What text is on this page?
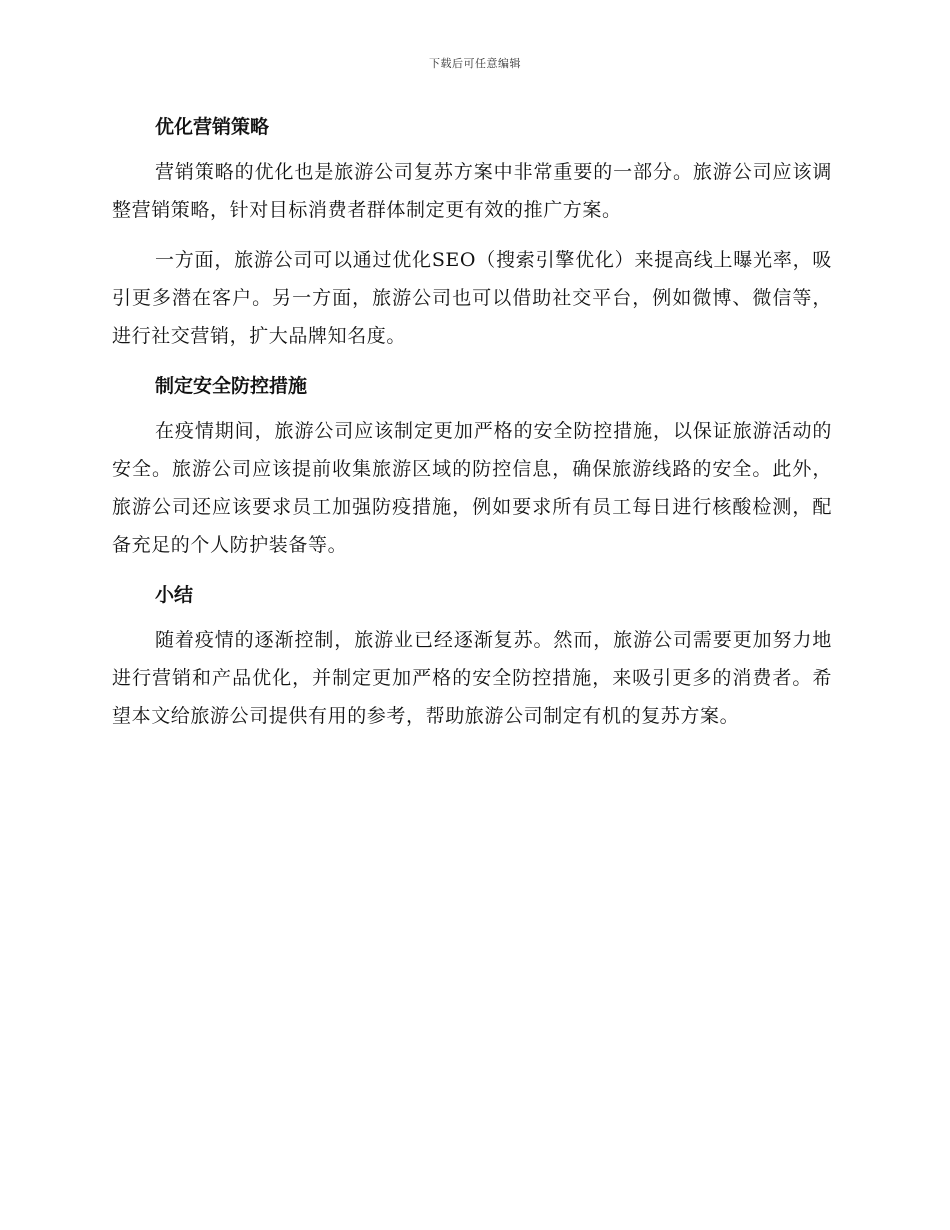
下载后可任意编辑
优化营销策略

营销策略的优化也是旅游公司复苏方案中非常重要的一部分。旅游公司应该调整营销策略，针对目标消费者群体制定更有效的推广方案。

一方面，旅游公司可以通过优化SEO（搜索引擎优化）来提高线上曝光率，吸引更多潜在客户。另一方面，旅游公司也可以借助社交平台，例如微博、微信等，进行社交营销，扩大品牌知名度。

制定安全防控措施

在疫情期间，旅游公司应该制定更加严格的安全防控措施，以保证旅游活动的安全。旅游公司应该提前收集旅游区域的防控信息，确保旅游线路的安全。此外，旅游公司还应该要求员工加强防疫措施，例如要求所有员工每日进行核酸检测，配备充足的个人防护装备等。

小结

随着疫情的逐渐控制，旅游业已经逐渐复苏。然而，旅游公司需要更加努力地进行营销和产品优化，并制定更加严格的安全防控措施，来吸引更多的消费者。希望本文给旅游公司提供有用的参考，帮助旅游公司制定有机的复苏方案。
